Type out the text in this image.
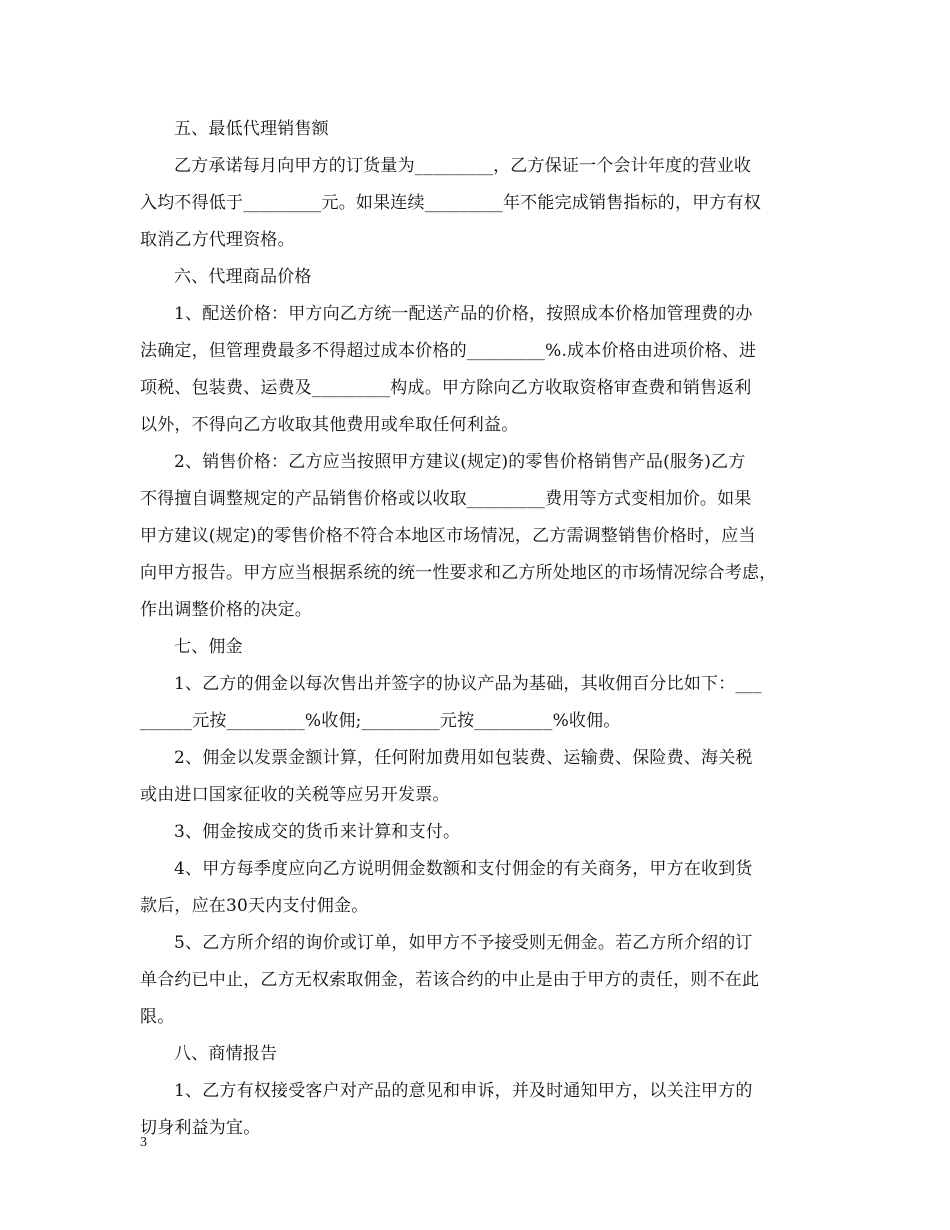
五、最低代理销售额
乙方承诺每月向甲方的订货量为_________，乙方保证一个会计年度的营业收
入均不得低于_________元。如果连续_________年不能完成销售指标的，甲方有权
取消乙方代理资格。
六、代理商品价格
1、配送价格：甲方向乙方统一配送产品的价格，按照成本价格加管理费的办
法确定，但管理费最多不得超过成本价格的_________%.成本价格由进项价格、进
项税、包装费、运费及_________构成。甲方除向乙方收取资格审查费和销售返利
以外，不得向乙方收取其他费用或牟取任何利益。
2、销售价格：乙方应当按照甲方建议(规定)的零售价格销售产品(服务)乙方
不得擅自调整规定的产品销售价格或以收取_________费用等方式变相加价。如果
甲方建议(规定)的零售价格不符合本地区市场情况，乙方需调整销售价格时，应当
向甲方报告。甲方应当根据系统的统一性要求和乙方所处地区的市场情况综合考虑，
作出调整价格的决定。
七、佣金
1、乙方的佣金以每次售出并签字的协议产品为基础，其收佣百分比如下：___
______元按_________%收佣;_________元按_________%收佣。
2、佣金以发票金额计算，任何附加费用如包装费、运输费、保险费、海关税
或由进口国家征收的关税等应另开发票。
3、佣金按成交的货币来计算和支付。
4、甲方每季度应向乙方说明佣金数额和支付佣金的有关商务，甲方在收到货
款后，应在30天内支付佣金。
5、乙方所介绍的询价或订单，如甲方不予接受则无佣金。若乙方所介绍的订
单合约已中止，乙方无权索取佣金，若该合约的中止是由于甲方的责任，则不在此
限。
八、商情报告
1、乙方有权接受客户对产品的意见和申诉，并及时通知甲方，以关注甲方的
切身利益为宜。
3
